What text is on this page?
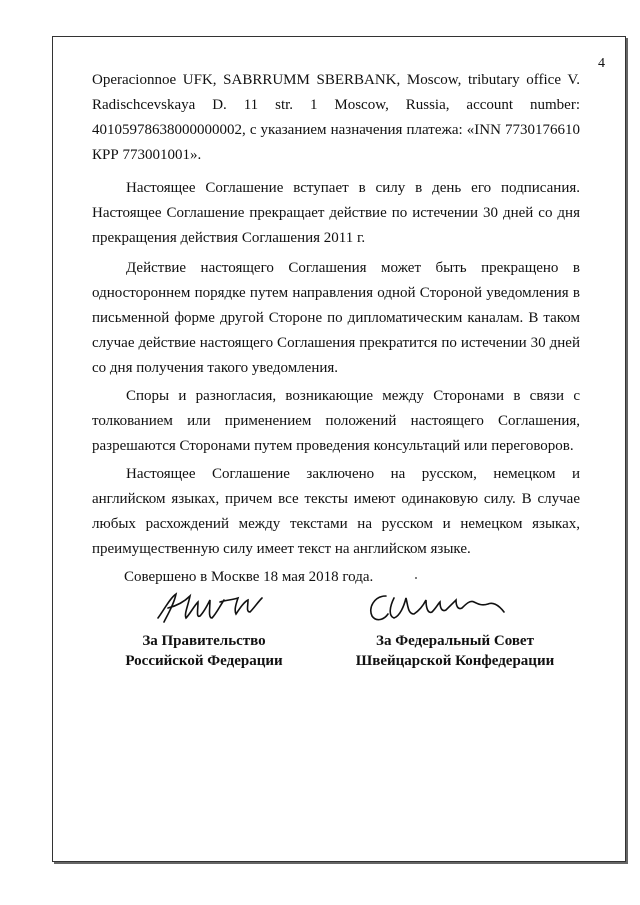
4

Operacionnoe UFK, SABRRUMM SBERBANK, Moscow, tributary office V. Radischcevskaya D. 11 str. 1 Moscow, Russia, account number: 40105978638000000002, с указанием назначения платежа: «INN 7730176610 КРР 773001001».

Настоящее Соглашение вступает в силу в день его подписания. Настоящее Соглашение прекращает действие по истечении 30 дней со дня прекращения действия Соглашения 2011 г.

Действие настоящего Соглашения может быть прекращено в одностороннем порядке путем направления одной Стороной уведомления в письменной форме другой Стороне по дипломатическим каналам. В таком случае действие настоящего Соглашения прекратится по истечении 30 дней со дня получения такого уведомления.

Споры и разногласия, возникающие между Сторонами в связи с толкованием или применением положений настоящего Соглашения, разрешаются Сторонами путем проведения консультаций или переговоров.

Настоящее Соглашение заключено на русском, немецком и английском языках, причем все тексты имеют одинаковую силу. В случае любых расхождений между текстами на русском и немецком языках, преимущественную силу имеет текст на английском языке.

Совершено в Москве 18 мая 2018 года.

За Правительство
Российской Федерации
За Федеральный Совет
Швейцарской Конфедерации
